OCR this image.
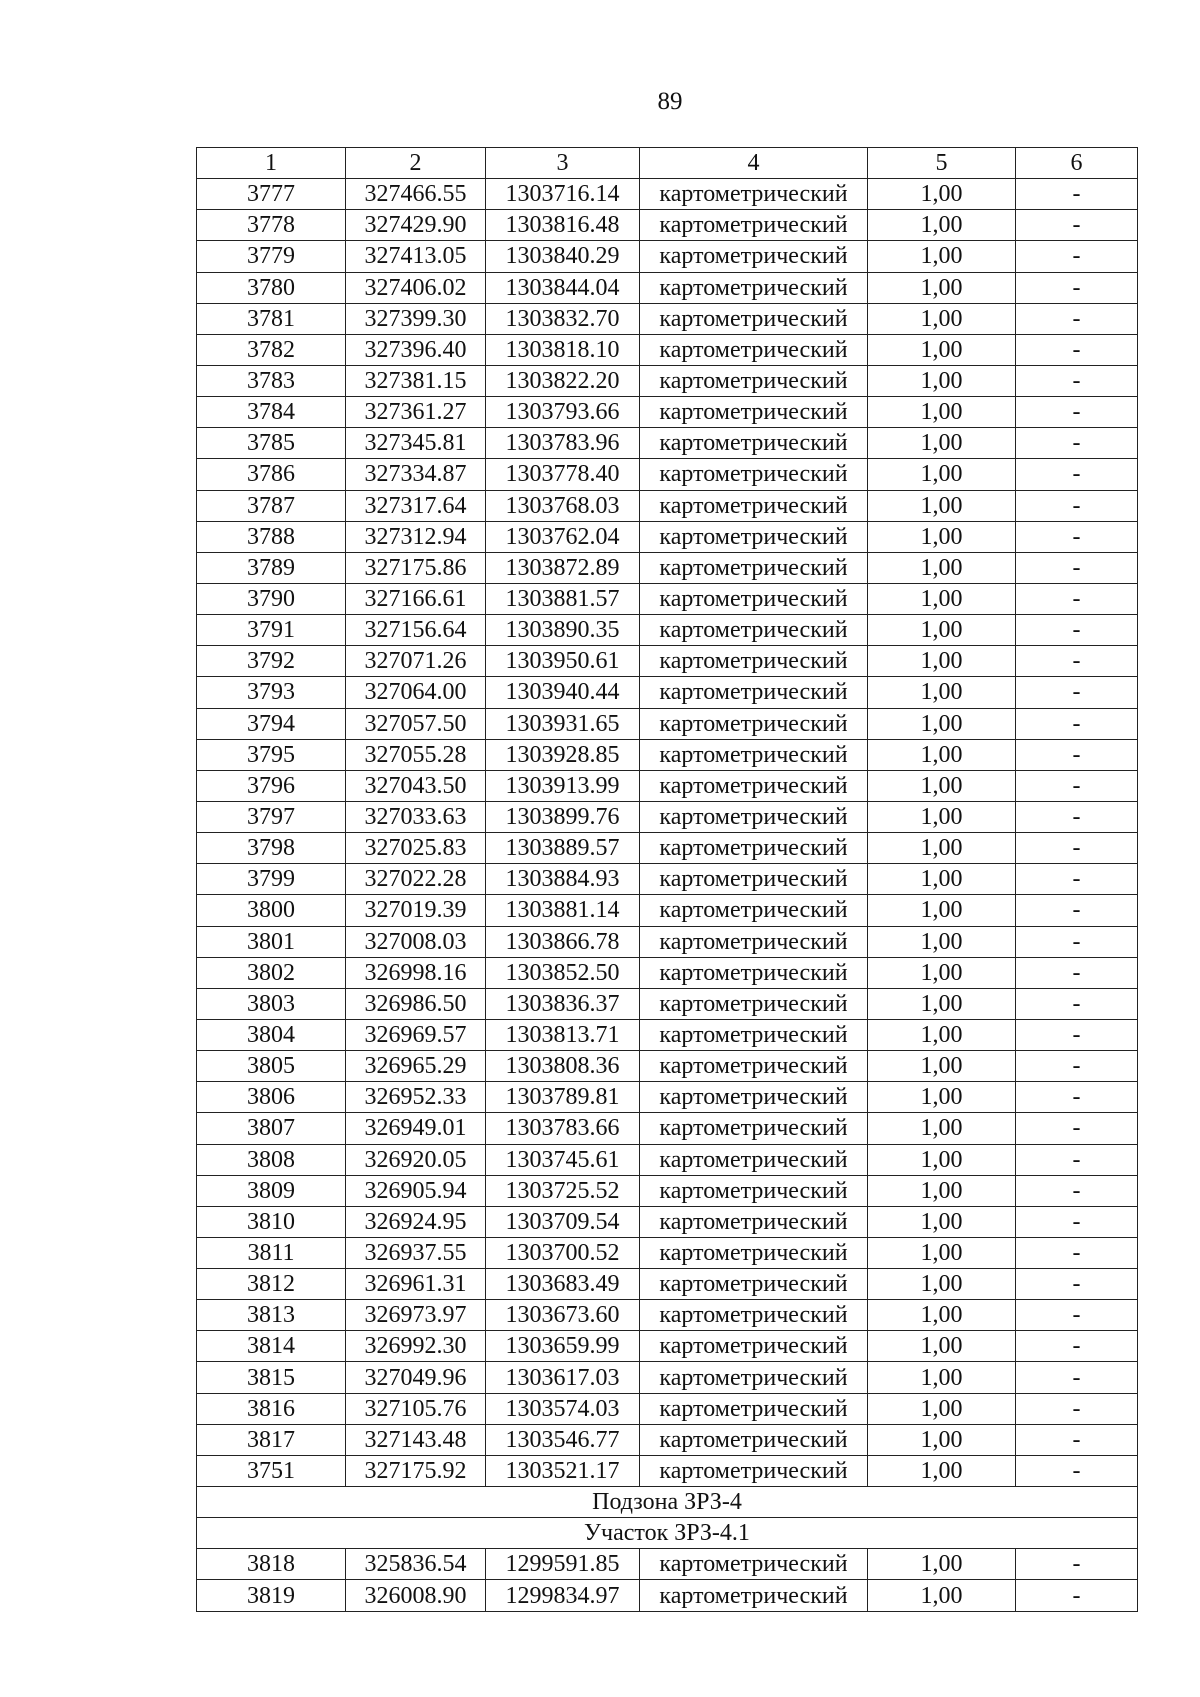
89
1	2	3	4	5	6
3777	327466.55	1303716.14	картометрический	1,00	-
3778	327429.90	1303816.48	картометрический	1,00	-
3779	327413.05	1303840.29	картометрический	1,00	-
3780	327406.02	1303844.04	картометрический	1,00	-
3781	327399.30	1303832.70	картометрический	1,00	-
3782	327396.40	1303818.10	картометрический	1,00	-
3783	327381.15	1303822.20	картометрический	1,00	-
3784	327361.27	1303793.66	картометрический	1,00	-
3785	327345.81	1303783.96	картометрический	1,00	-
3786	327334.87	1303778.40	картометрический	1,00	-
3787	327317.64	1303768.03	картометрический	1,00	-
3788	327312.94	1303762.04	картометрический	1,00	-
3789	327175.86	1303872.89	картометрический	1,00	-
3790	327166.61	1303881.57	картометрический	1,00	-
3791	327156.64	1303890.35	картометрический	1,00	-
3792	327071.26	1303950.61	картометрический	1,00	-
3793	327064.00	1303940.44	картометрический	1,00	-
3794	327057.50	1303931.65	картометрический	1,00	-
3795	327055.28	1303928.85	картометрический	1,00	-
3796	327043.50	1303913.99	картометрический	1,00	-
3797	327033.63	1303899.76	картометрический	1,00	-
3798	327025.83	1303889.57	картометрический	1,00	-
3799	327022.28	1303884.93	картометрический	1,00	-
3800	327019.39	1303881.14	картометрический	1,00	-
3801	327008.03	1303866.78	картометрический	1,00	-
3802	326998.16	1303852.50	картометрический	1,00	-
3803	326986.50	1303836.37	картометрический	1,00	-
3804	326969.57	1303813.71	картометрический	1,00	-
3805	326965.29	1303808.36	картометрический	1,00	-
3806	326952.33	1303789.81	картометрический	1,00	-
3807	326949.01	1303783.66	картометрический	1,00	-
3808	326920.05	1303745.61	картометрический	1,00	-
3809	326905.94	1303725.52	картометрический	1,00	-
3810	326924.95	1303709.54	картометрический	1,00	-
3811	326937.55	1303700.52	картометрический	1,00	-
3812	326961.31	1303683.49	картометрический	1,00	-
3813	326973.97	1303673.60	картометрический	1,00	-
3814	326992.30	1303659.99	картометрический	1,00	-
3815	327049.96	1303617.03	картометрический	1,00	-
3816	327105.76	1303574.03	картометрический	1,00	-
3817	327143.48	1303546.77	картометрический	1,00	-
3751	327175.92	1303521.17	картометрический	1,00	-
Подзона ЗРЗ-4					
Участок ЗРЗ-4.1					
3818	325836.54	1299591.85	картометрический	1,00	-
3819	326008.90	1299834.97	картометрический	1,00	-
